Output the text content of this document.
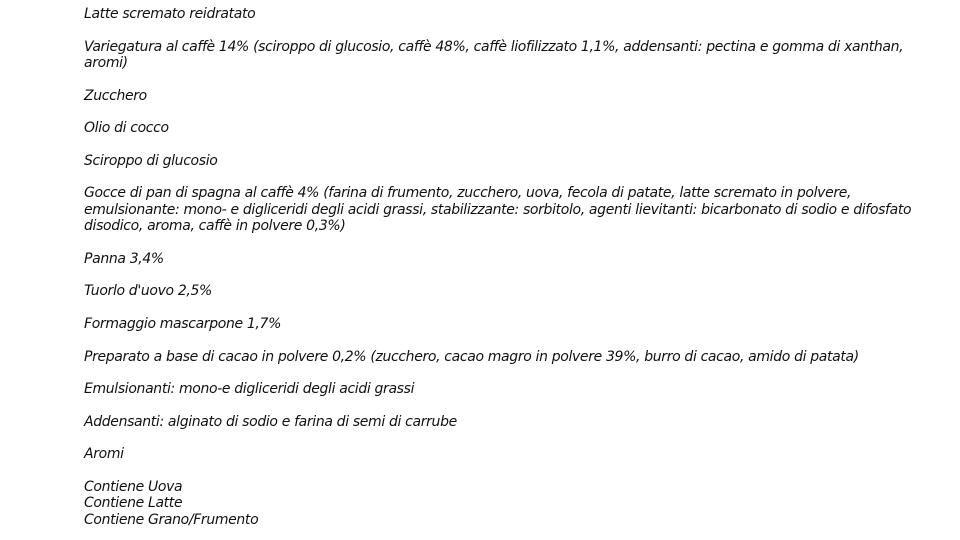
Latte scremato reidratato

Variegatura al caffè 14% (sciroppo di glucosio, caffè 48%, caffè liofilizzato 1,1%, addensanti: pectina e gomma di xanthan, aromi)

Zucchero

Olio di cocco

Sciroppo di glucosio

Gocce di pan di spagna al caffè 4% (farina di frumento, zucchero, uova, fecola di patate, latte scremato in polvere, emulsionante: mono- e digliceridi degli acidi grassi, stabilizzante: sorbitolo, agenti lievitanti: bicarbonato di sodio e difosfato disodico, aroma, caffè in polvere 0,3%)

Panna 3,4%

Tuorlo d'uovo 2,5%

Formaggio mascarpone 1,7%

Preparato a base di cacao in polvere 0,2% (zucchero, cacao magro in polvere 39%, burro di cacao, amido di patata)

Emulsionanti: mono-e digliceridi degli acidi grassi

Addensanti: alginato di sodio e farina di semi di carrube

Aromi

Contiene Uova
Contiene Latte
Contiene Grano/Frumento
